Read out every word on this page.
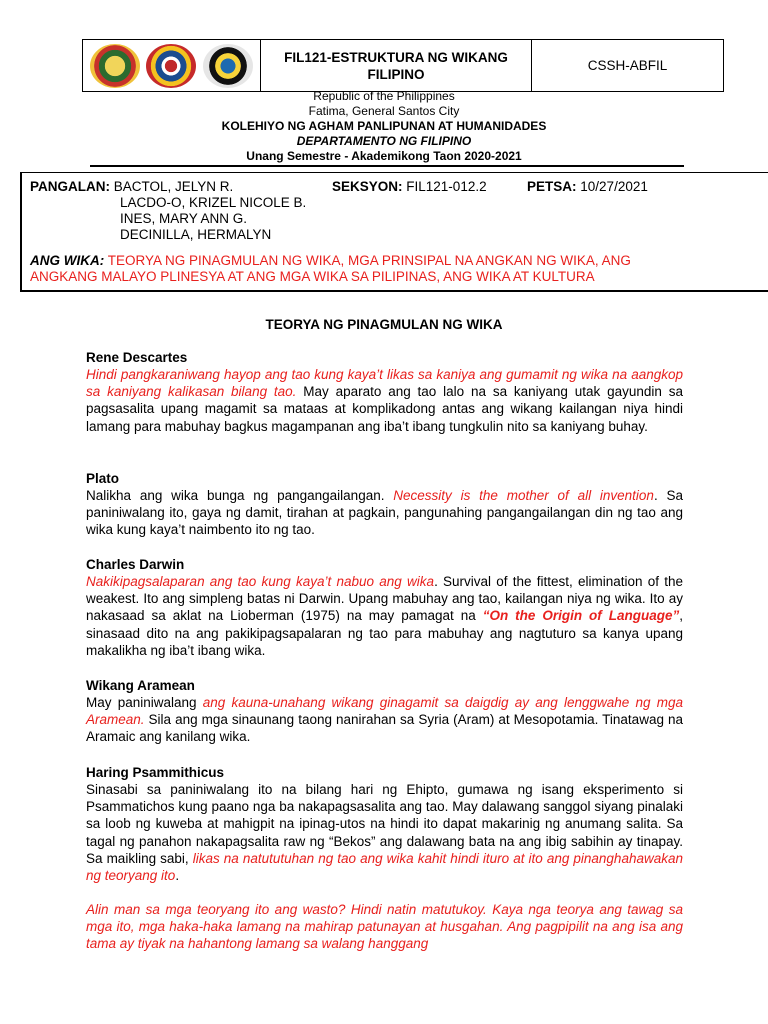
FIL121-ESTRUKTURA NG WIKANG
FILIPINO
CSSH-ABFIL
Republic of the Philippines
Fatima, General Santos City
KOLEHIYO NG AGHAM PANLIPUNAN AT HUMANIDADES
DEPARTAMENTO NG FILIPINO
Unang Semestre - Akademikong Taon 2020-2021
PANGALAN: BACTOL, JELYN R.
LACDO-O, KRIZEL NICOLE B.
INES, MARY ANN G.
DECINILLA, HERMALYN
SEKSYON: FIL121-012.2	PETSA: 10/27/2021
ANG WIKA: TEORYA NG PINAGMULAN NG WIKA, MGA PRINSIPAL NA ANGKAN NG WIKA, ANG
ANGKANG MALAYO PLINESYA AT ANG MGA WIKA SA PILIPINAS, ANG WIKA AT KULTURA
TEORYA NG PINAGMULAN NG WIKA
Rene Descartes
Hindi pangkaraniwang hayop ang tao kung kaya’t likas sa kaniya ang gumamit ng wika na aangkop sa kaniyang kalikasan bilang tao. May aparato ang tao lalo na sa kaniyang utak gayundin sa pagsasalita upang magamit sa mataas at komplikadong antas ang wikang kailangan niya hindi lamang para mabuhay bagkus magampanan ang iba’t ibang tungkulin nito sa kaniyang buhay.
Plato
Nalikha ang wika bunga ng pangangailangan. Necessity is the mother of all invention. Sa paniniwalang ito, gaya ng damit, tirahan at pagkain, pangunahing pangangailangan din ng tao ang wika kung kaya’t naimbento ito ng tao.
Charles Darwin
Nakikipagsalaparan ang tao kung kaya’t nabuo ang wika. Survival of the fittest, elimination of the weakest. Ito ang simpleng batas ni Darwin. Upang mabuhay ang tao, kailangan niya ng wika. Ito ay nakasaad sa aklat na Lioberman (1975) na may pamagat na “On the Origin of Language”, sinasaad dito na ang pakikipagsapalaran ng tao para mabuhay ang nagtuturo sa kanya upang makalikha ng iba’t ibang wika.
Wikang Aramean
May paniniwalang ang kauna-unahang wikang ginagamit sa daigdig ay ang lenggwahe ng mga Aramean. Sila ang mga sinaunang taong nanirahan sa Syria (Aram) at Mesopotamia. Tinatawag na Aramaic ang kanilang wika.
Haring Psammithicus
Sinasabi sa paniniwalang ito na bilang hari ng Ehipto, gumawa ng isang eksperimento si Psammatichos kung paano nga ba nakapagsasalita ang tao. May dalawang sanggol siyang pinalaki sa loob ng kuweba at mahigpit na ipinag-utos na hindi ito dapat makarinig ng anumang salita. Sa tagal ng panahon nakapagsalita raw ng “Bekos” ang dalawang bata na ang ibig sabihin ay tinapay. Sa maikling sabi, likas na natututuhan ng tao ang wika kahit hindi ituro at ito ang pinanghahawakan ng teoryang ito.
Alin man sa mga teoryang ito ang wasto? Hindi natin matutukoy. Kaya nga teorya ang tawag sa mga ito, mga haka-haka lamang na mahirap patunayan at husgahan. Ang pagpipilit na ang isa ang tama ay tiyak na hahantong lamang sa walang hanggang
